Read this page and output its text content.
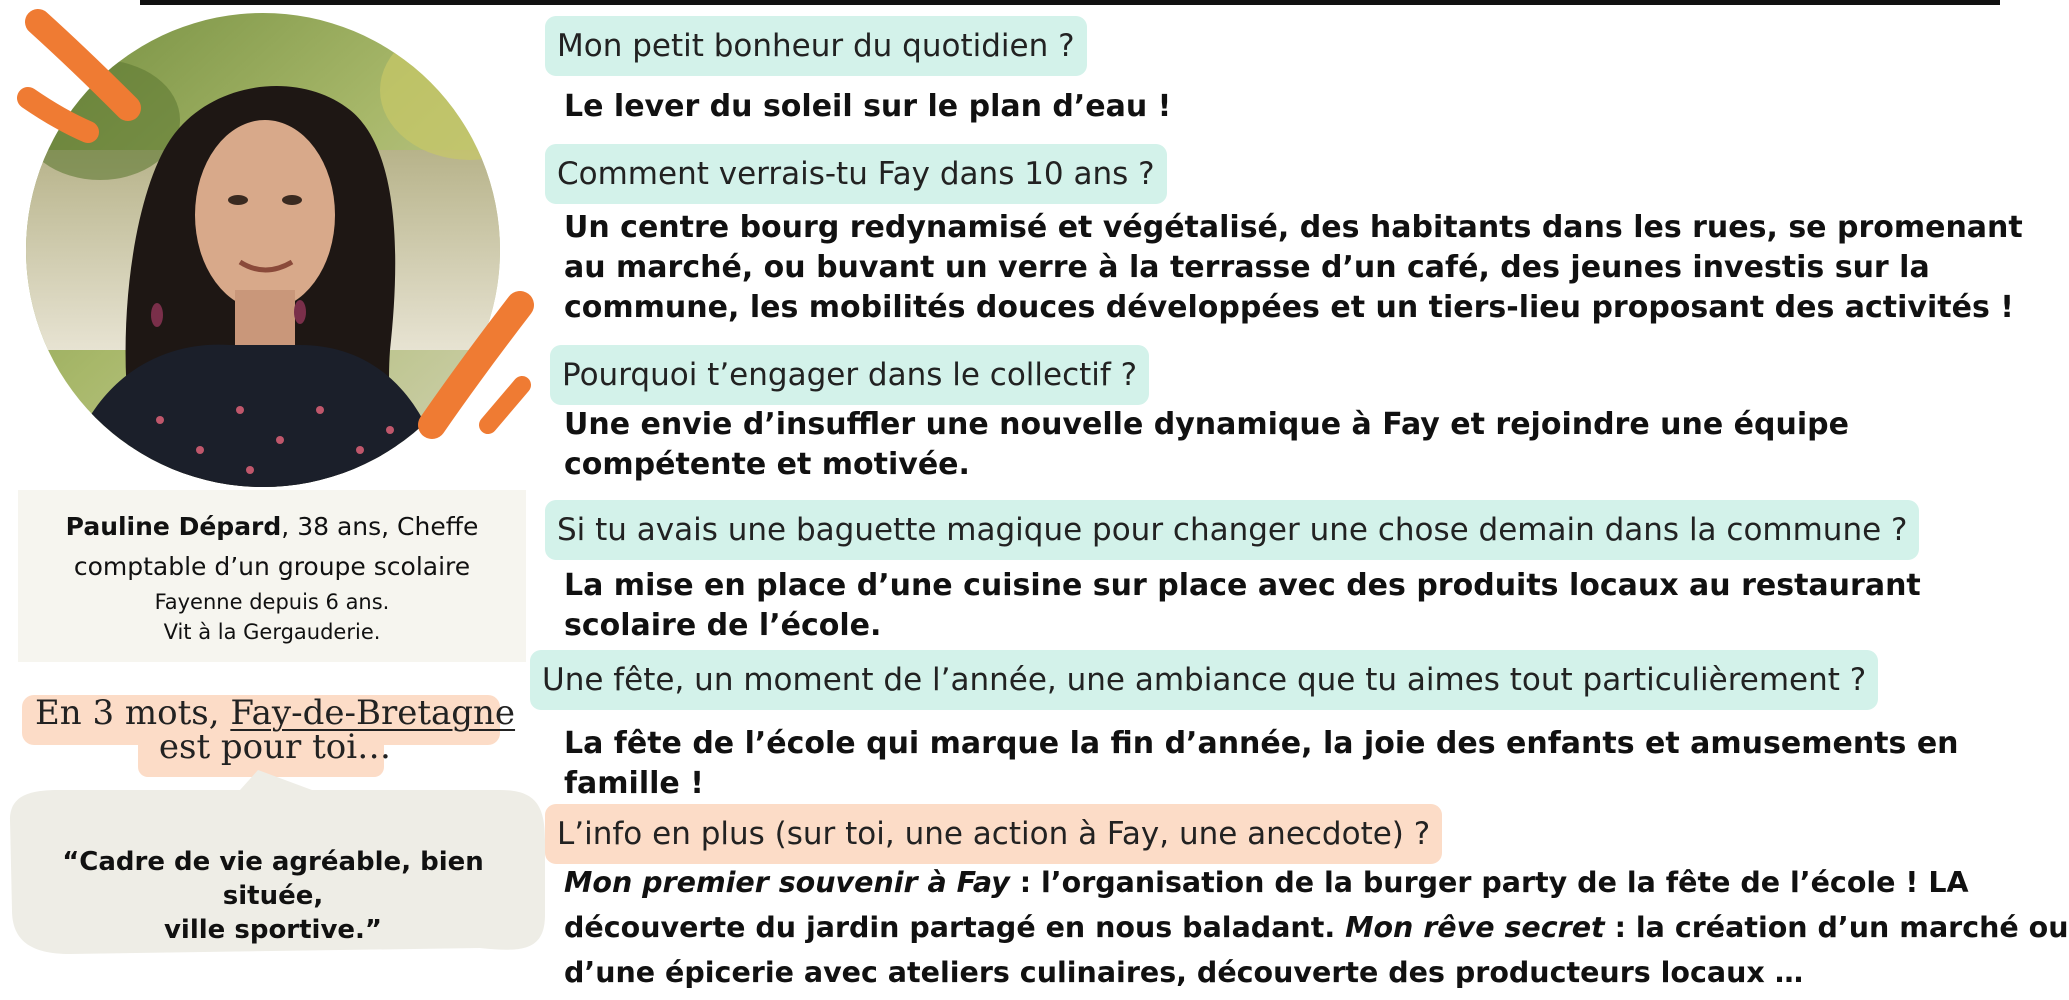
Pauline Dépard, 38 ans, Cheffe
comptable d’un groupe scolaire
Fayenne depuis 6 ans.
Vit à la Gergauderie.
En 3 mots, Fay-de-Bretagne
est pour toi…
“Cadre de vie agréable, bien située,
ville sportive.”
Mon petit bonheur du quotidien ?
Le lever du soleil sur le plan d’eau !
Comment verrais-tu Fay dans 10 ans ?
Un centre bourg redynamisé et végétalisé, des habitants dans les rues, se promenant
au marché, ou buvant un verre à la terrasse d’un café, des jeunes investis sur la
commune, les mobilités douces développées et un tiers-lieu proposant des activités !
Pourquoi t’engager dans le collectif ?
Une envie d’insuffler une nouvelle dynamique à Fay et rejoindre une équipe
compétente et motivée.
Si tu avais une baguette magique pour changer une chose demain dans la commune ?
La mise en place d’une cuisine sur place avec des produits locaux au restaurant
scolaire de l’école.
Une fête, un moment de l’année, une ambiance que tu aimes tout particulièrement ?
La fête de l’école qui marque la fin d’année, la joie des enfants et amusements en
famille !
L’info en plus (sur toi, une action à Fay, une anecdote) ?
Mon premier souvenir à Fay : l’organisation de la burger party de la fête de l’école ! LA
découverte du jardin partagé en nous baladant. Mon rêve secret : la création d’un marché ou
d’une épicerie avec ateliers culinaires, découverte des producteurs locaux …
